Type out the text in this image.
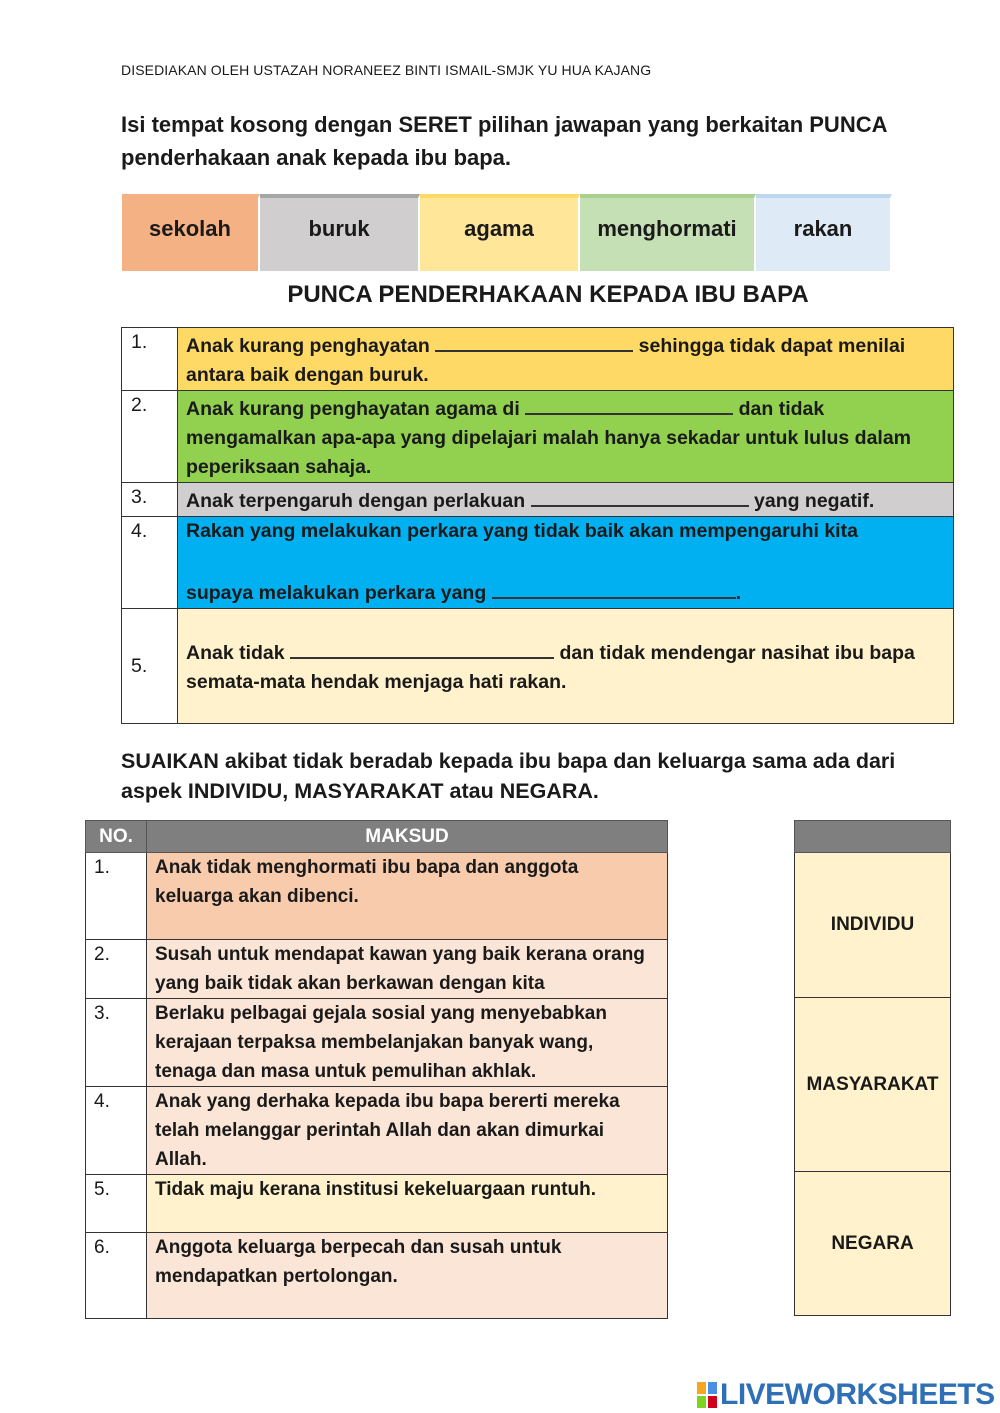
DISEDIAKAN OLEH USTAZAH NORANEEZ BINTI ISMAIL-SMJK YU HUA KAJANG
Isi tempat kosong dengan SERET pilihan jawapan yang berkaitan PUNCA penderhakaan anak kepada ibu bapa.
sekolah	buruk	agama	menghormati	rakan
PUNCA PENDERHAKAAN KEPADA IBU BAPA
1.	Anak kurang penghayatan sehingga tidak dapat menilai antara baik dengan buruk.
2.	Anak kurang penghayatan agama di dan tidak mengamalkan apa-apa yang dipelajari malah hanya sekadar untuk lulus dalam peperiksaan sahaja.
3.	Anak terpengaruh dengan perlakuan yang negatif.
4.	Rakan yang melakukan perkara yang tidak baik akan mempengaruhi kita
supaya melakukan perkara yang .

5.	Anak tidak dan tidak mendengar nasihat ibu bapa semata-mata hendak menjaga hati rakan.
SUAIKAN akibat tidak beradab kepada ibu bapa dan keluarga sama ada dari aspek INDIVIDU, MASYARAKAT atau NEGARA.
NO.	MAKSUD
1.	Anak tidak menghormati ibu bapa dan anggota keluarga akan dibenci.
2.	Susah untuk mendapat kawan yang baik kerana orang yang baik tidak akan berkawan dengan kita
3.	Berlaku pelbagai gejala sosial yang menyebabkan kerajaan terpaksa membelanjakan banyak wang, tenaga dan masa untuk pemulihan akhlak.
4.	Anak yang derhaka kepada ibu bapa bererti mereka telah melanggar perintah Allah dan akan dimurkai Allah.
5.	Tidak maju kerana institusi kekeluargaan runtuh.
6.	Anggota keluarga berpecah dan susah untuk mendapatkan pertolongan.

INDIVIDU
MASYARAKAT
NEGARA
LIVEWORKSHEETS
